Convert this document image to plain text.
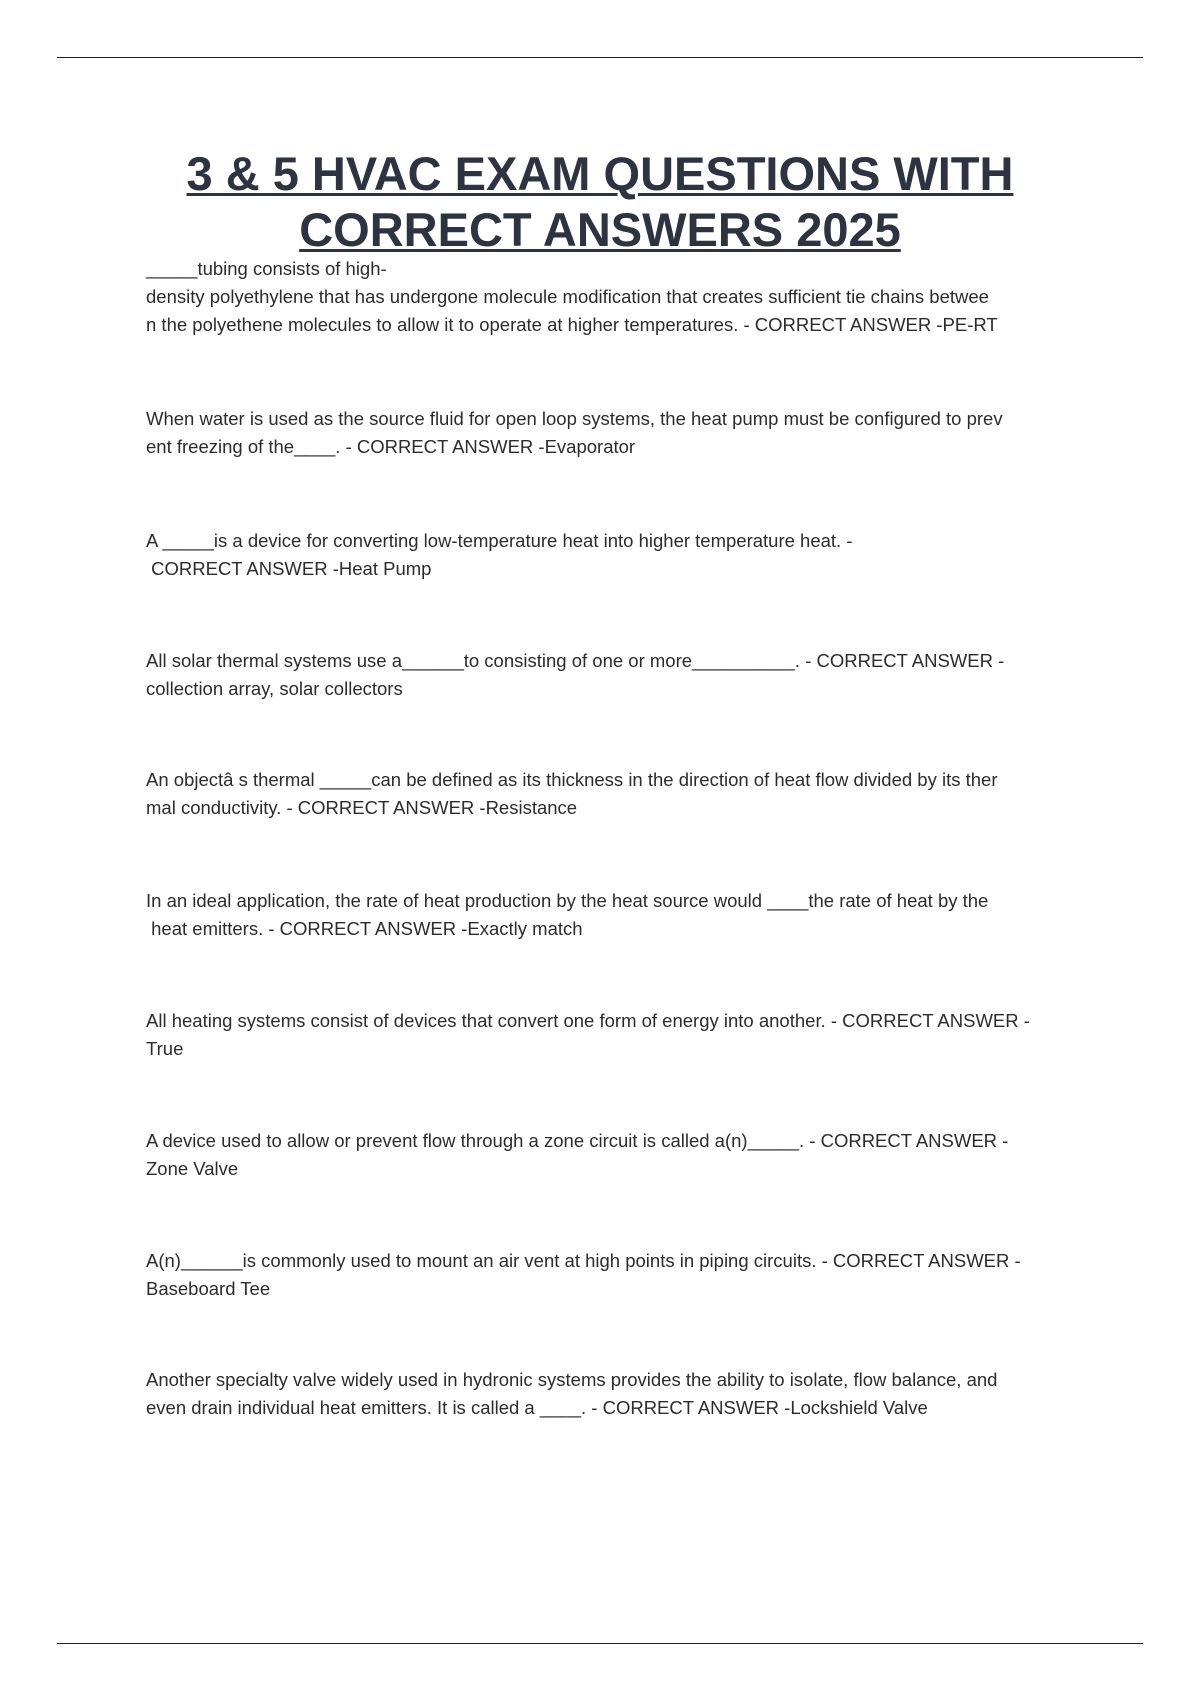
3 & 5 HVAC EXAM QUESTIONS WITH
CORRECT ANSWERS 2025
_____tubing consists of high-
density polyethylene that has undergone molecule modification that creates sufficient tie chains betwee
n the polyethene molecules to allow it to operate at higher temperatures. - CORRECT ANSWER -PE-RT
When water is used as the source fluid for open loop systems, the heat pump must be configured to prev
ent freezing of the____. - CORRECT ANSWER -Evaporator
A _____is a device for converting low-temperature heat into higher temperature heat. -
CORRECT ANSWER -Heat Pump
All solar thermal systems use a______to consisting of one or more__________. - CORRECT ANSWER -
collection array, solar collectors
An objectâ s thermal _____can be defined as its thickness in the direction of heat flow divided by its ther
mal conductivity. - CORRECT ANSWER -Resistance
In an ideal application, the rate of heat production by the heat source would ____the rate of heat by the
heat emitters. - CORRECT ANSWER -Exactly match
All heating systems consist of devices that convert one form of energy into another. - CORRECT ANSWER -
True
A device used to allow or prevent flow through a zone circuit is called a(n)_____. - CORRECT ANSWER -
Zone Valve
A(n)______is commonly used to mount an air vent at high points in piping circuits. - CORRECT ANSWER -
Baseboard Tee
Another specialty valve widely used in hydronic systems provides the ability to isolate, flow balance, and
even drain individual heat emitters. It is called a ____. - CORRECT ANSWER -Lockshield Valve
